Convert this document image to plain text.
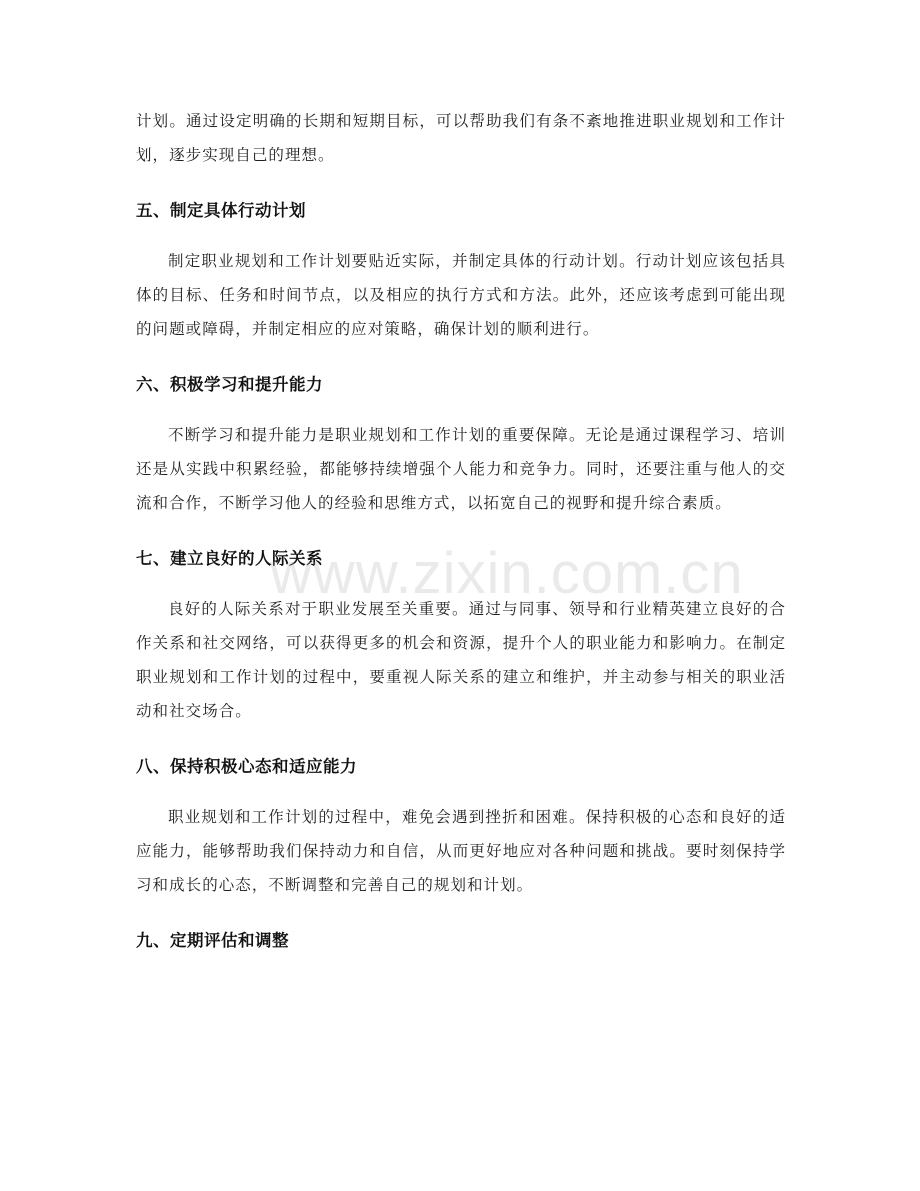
计划。通过设定明确的长期和短期目标，可以帮助我们有条不紊地推进职业规划和工作计划，逐步实现自己的理想。

五、制定具体行动计划

制定职业规划和工作计划要贴近实际，并制定具体的行动计划。行动计划应该包括具体的目标、任务和时间节点，以及相应的执行方式和方法。此外，还应该考虑到可能出现的问题或障碍，并制定相应的应对策略，确保计划的顺利进行。

六、积极学习和提升能力

不断学习和提升能力是职业规划和工作计划的重要保障。无论是通过课程学习、培训还是从实践中积累经验，都能够持续增强个人能力和竞争力。同时，还要注重与他人的交流和合作，不断学习他人的经验和思维方式，以拓宽自己的视野和提升综合素质。

七、建立良好的人际关系

良好的人际关系对于职业发展至关重要。通过与同事、领导和行业精英建立良好的合作关系和社交网络，可以获得更多的机会和资源，提升个人的职业能力和影响力。在制定职业规划和工作计划的过程中，要重视人际关系的建立和维护，并主动参与相关的职业活动和社交场合。

八、保持积极心态和适应能力

职业规划和工作计划的过程中，难免会遇到挫折和困难。保持积极的心态和良好的适应能力，能够帮助我们保持动力和自信，从而更好地应对各种问题和挑战。要时刻保持学习和成长的心态，不断调整和完善自己的规划和计划。

九、定期评估和调整
www.zixin.com.cn
